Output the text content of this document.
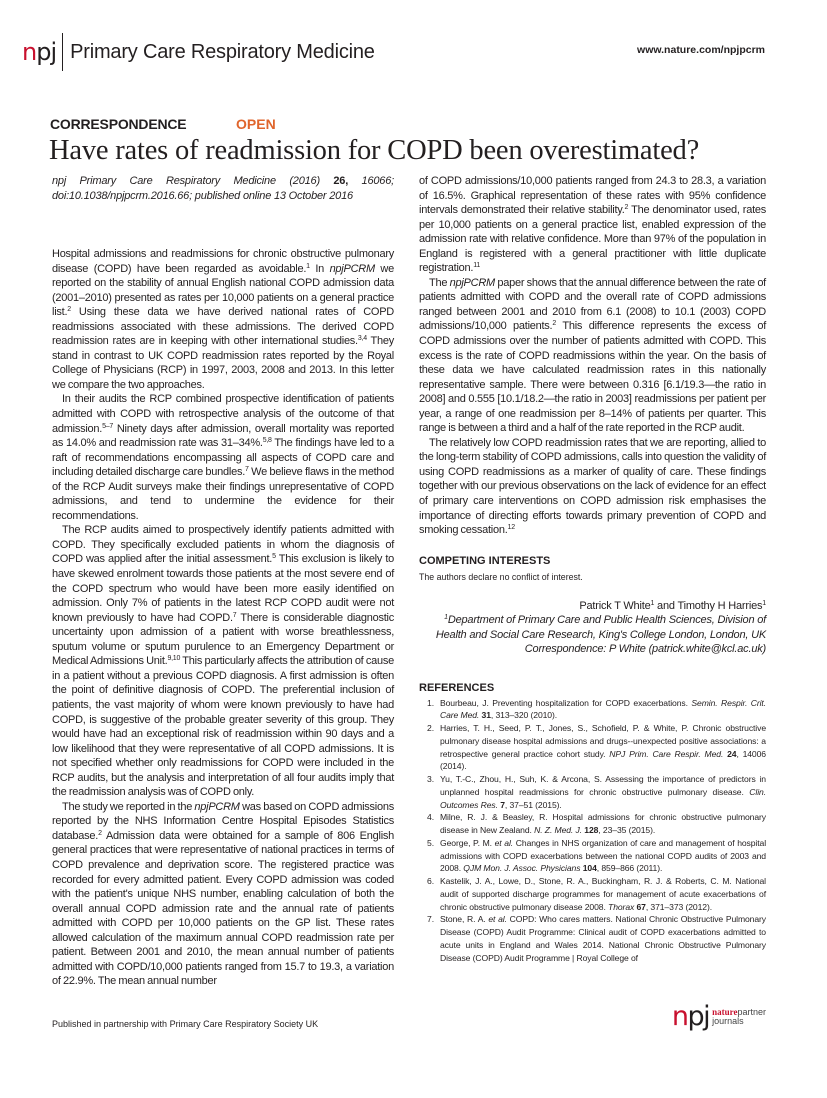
npj Primary Care Respiratory Medicine	www.nature.com/npjpcrm
CORRESPONDENCE	OPEN
Have rates of readmission for COPD been overestimated?
npj Primary Care Respiratory Medicine (2016) 26, 16066; doi:10.1038/npjpcrm.2016.66; published online 13 October 2016

Hospital admissions and readmissions for chronic obstructive pulmonary disease (COPD) have been regarded as avoidable.$^1$ In npjPCRM we reported on the stability of annual English national COPD admission data (2001–2010) presented as rates per 10,000 patients on a general practice list.$^2$ Using these data we have derived national rates of COPD readmissions associated with these admissions. The derived COPD readmission rates are in keeping with other international studies.$^{3,4}$ They stand in contrast to UK COPD readmission rates reported by the Royal College of Physicians (RCP) in 1997, 2003, 2008 and 2013. In this letter we compare the two approaches.

In their audits the RCP combined prospective identification of patients admitted with COPD with retrospective analysis of the outcome of that admission.$^{5-7}$ Ninety days after admission, overall mortality was reported as 14.0% and readmission rate was 31–34%.$^{5,8}$ The findings have led to a raft of recommendations encompassing all aspects of COPD care and including detailed discharge care bundles.$^7$ We believe flaws in the method of the RCP Audit surveys make their findings unrepresentative of COPD admissions, and tend to undermine the evidence for their recommendations.

The RCP audits aimed to prospectively identify patients admitted with COPD. They specifically excluded patients in whom the diagnosis of COPD was applied after the initial assessment.$^5$ This exclusion is likely to have skewed enrolment towards those patients at the most severe end of the COPD spectrum who would have been more easily identified on admission. Only 7% of patients in the latest RCP COPD audit were not known previously to have had COPD.$^7$ There is considerable diagnostic uncertainty upon admission of a patient with worse breathlessness, sputum volume or sputum purulence to an Emergency Department or Medical Admissions Unit.$^{9,10}$ This particularly affects the attribution of cause in a patient without a previous COPD diagnosis. A first admission is often the point of definitive diagnosis of COPD. The preferential inclusion of patients, the vast majority of whom were known previously to have had COPD, is suggestive of the probable greater severity of this group. They would have had an exceptional risk of readmission within 90 days and a low likelihood that they were representative of all COPD admissions. It is not specified whether only readmissions for COPD were included in the RCP audits, but the analysis and interpretation of all four audits imply that the readmission analysis was of COPD only.

The study we reported in the npjPCRM was based on COPD admissions reported by the NHS Information Centre Hospital Episodes Statistics database.$^2$ Admission data were obtained for a sample of 806 English general practices that were representative of national practices in terms of COPD prevalence and deprivation score. The registered practice was recorded for every admitted patient. Every COPD admission was coded with the patient's unique NHS number, enabling calculation of both the overall annual COPD admission rate and the annual rate of patients admitted with COPD per 10,000 patients on the GP list. These rates allowed calculation of the maximum annual COPD readmission rate per patient. Between 2001 and 2010, the mean annual number of patients admitted with COPD/10,000 patients ranged from 15.7 to 19.3, a variation of 22.9%. The mean annual number

of COPD admissions/10,000 patients ranged from 24.3 to 28.3, a variation of 16.5%. Graphical representation of these rates with 95% confidence intervals demonstrated their relative stability.$^2$ The denominator used, rates per 10,000 patients on a general practice list, enabled expression of the admission rate with relative confidence. More than 97% of the population in England is registered with a general practitioner with little duplicate registration.$^{11}$

The npjPCRM paper shows that the annual difference between the rate of patients admitted with COPD and the overall rate of COPD admissions ranged between 2001 and 2010 from 6.1 (2008) to 10.1 (2003) COPD admissions/10,000 patients.$^2$ This difference represents the excess of COPD admissions over the number of patients admitted with COPD. This excess is the rate of COPD readmissions within the year. On the basis of these data we have calculated readmission rates in this nationally representative sample. There were between 0.316 [6.1/19.3—the ratio in 2008] and 0.555 [10.1/18.2—the ratio in 2003] readmissions per patient per year, a range of one readmission per 8–14% of patients per quarter. This range is between a third and a half of the rate reported in the RCP audit.

The relatively low COPD readmission rates that we are reporting, allied to the long-term stability of COPD admissions, calls into question the validity of using COPD readmissions as a marker of quality of care. These findings together with our previous observations on the lack of evidence for an effect of primary care interventions on COPD admission risk emphasises the importance of directing efforts towards primary prevention of COPD and smoking cessation.$^{12}$

COMPETING INTERESTS
The authors declare no conflict of interest.
Patrick T White$^1$ and Timothy H Harries$^1$
$^1$Department of Primary Care and Public Health Sciences, Division of Health and Social Care Research, King's College London, London, UK
Correspondence: P White (patrick.white@kcl.ac.uk)
REFERENCES
1. Bourbeau, J. Preventing hospitalization for COPD exacerbations. Semin. Respir. Crit. Care Med. 31, 313–320 (2010).
2. Harries, T. H., Seed, P. T., Jones, S., Schofield, P. & White, P. Chronic obstructive pulmonary disease hospital admissions and drugs--unexpected positive associations: a retrospective general practice cohort study. NPJ Prim. Care Respir. Med. 24, 14006 (2014).
3. Yu, T.-C., Zhou, H., Suh, K. & Arcona, S. Assessing the importance of predictors in unplanned hospital readmissions for chronic obstructive pulmonary disease. Clin. Outcomes Res. 7, 37–51 (2015).
4. Milne, R. J. & Beasley, R. Hospital admissions for chronic obstructive pulmonary disease in New Zealand. N. Z. Med. J. 128, 23–35 (2015).
5. George, P. M. et al. Changes in NHS organization of care and management of hospital admissions with COPD exacerbations between the national COPD audits of 2003 and 2008. QJM Mon. J. Assoc. Physicians 104, 859–866 (2011).
6. Kastelik, J. A., Lowe, D., Stone, R. A., Buckingham, R. J. & Roberts, C. M. National audit of supported discharge programmes for management of acute exacerbations of chronic obstructive pulmonary disease 2008. Thorax 67, 371–373 (2012).
7. Stone, R. A. et al. COPD: Who cares matters. National Chronic Obstructive Pulmonary Disease (COPD) Audit Programme: Clinical audit of COPD exacerbations admitted to acute units in England and Wales 2014. National Chronic Obstructive Pulmonary Disease (COPD) Audit Programme | Royal College of
Published in partnership with Primary Care Respiratory Society UK	npj naturepartner
journals
